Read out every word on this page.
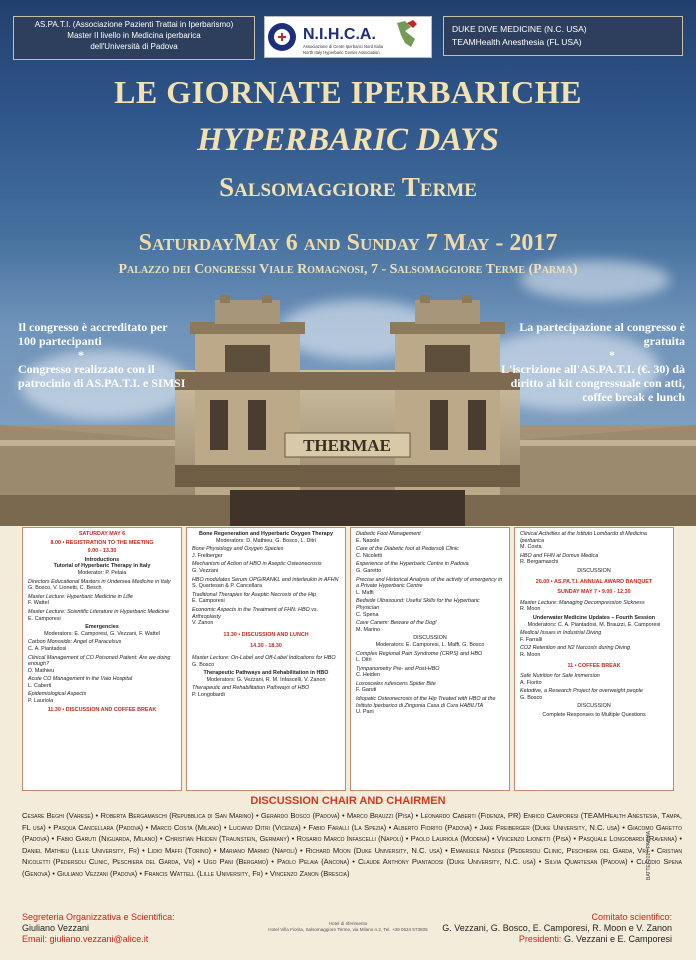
THERMAE
AS.PA.T.I. (Associazione Pazienti Trattai in Iperbarismo)
Master II livello in Medicina iperbarica
dell'Università di Padova
N.I.H.C.A.
Associazione di Centri Iperbarici Nord Italia
North Italy Hyperbaric Center Association
DUKE DIVE MEDICINE (N.C. USA)
TEAMHealth Anesthesia (FL USA)
LE GIORNATE IPERBARICHE
HYPERBARIC DAYS
Salsomaggiore Terme
SaturdayMay 6 and Sunday 7 May - 2017
Palazzo dei Congressi Viale Romagnosi, 7 - Salsomaggiore Terme (Parma)
Il congresso è accreditato per 100 partecipanti
*
Congresso realizzato con il patrocinio di AS.PA.T.I. e SIMSI
La partecipazione al congresso è gratuita
*
L'iscrizione all'AS.PA.T.I. (€. 30) dà diritto al kit congressuale con atti, coffee break e lunch

SATURDAY MAY 6

8.00 • REGISTRATION TO THE MEETING

9.00 - 13.30

Introductions

Tutorial of Hyperbaric Therapy in Italy

Moderator: P. Pelaia

Directors Educational Masters in Undersea Medicine in Italy

G. Bosco, V. Lionetti, C. Besch

Master Lecture: Hyperbaric Medicine in Lille

F. Wattel

Master Lecture: Scientific Literature in Hyperbaric Medicine

E. Camporesi

Emergencies

Moderators: E. Camporesi, G. Vezzani, F. Wattel

Carbon Monoxide: Angel of Paracelsus

C. A. Piantadosi

Clinical Management of CO Poisoned Patient: Are we doing enough?

D. Mathieu

Acute CO Management in the Vaio Hospital

L. Caberti

Epidemiological Aspects

P. Lauriola

11.30 • DISCUSSION AND COFFEE BREAK

Bone Regeneration and Hyperbaric Oxygen Therapy

Moderators: D. Mathieu, G. Bosco, L. Ditri

Bone Physiology and Oxygen Species

J. Freiberger

Mechanism of Action of HBO in Aseptic Osteonecrosis

G. Vezzani

HBO modulates Serum OPG/RANKL and interleukin in AFHN

S. Quartesan & P. Cancellara

Traditional Therapies for Aseptic Necrosis of the Hip

E. Camporesi

Economic Aspects in the Treatment of FHN: HBO vs. Arthroplasty

V. Zanon

13.30 • DISCUSSION AND LUNCH

14.30 - 18.30

Master Lecture: On-Label and Off-Label Indications for HBO

G. Bosco

Therapeutic Pathways and Rehabilitation in HBO

Moderators: G. Vezzani, R. M. Infascelli, V. Zanon

Therapeutic and Rehabilitation Pathways of HBO

P. Longobardi

Diabetic Foot Management

E. Nasole

Care of the Diabetic foot at Pedersoli Clinic

C. Nicoletti

Experience of the Hyperbaric Centre in Padova

G. Garetto

Precise and Historical Analysis of the activity of emergency in a Private Hyperbaric Centre

L. Maffi

Bedside Ultrasound: Useful Skills for the Hyperbaric Physician

C. Spena

Cave Canem: Beware of the Dog!

M. Marino

DISCUSSION

Moderators: E. Camporesi, L. Maffi, G. Bosco

Complex Regional Pain Syndrome (CRPS) and HBO

L. Ditri

Tympanometry Pre- and Post-HBO

C. Heiden

Loxosceles rufescens Spider Bite

F. Garuti

Idiopatic Osteonecrosis of the Hip Treated with HBO at the Istituto Iperbarico di Zingonia Casa di Cura HABILITA

U. Pani

Clinical Activities at the Istituto Lombardo di Medicina Iperbarica

M. Costa

HBO and FHN at Domus Medica

R. Bergamaschi

DISCUSSION

20.00 • AS.PA.T.I. ANNUAL AWARD BANQUET

SUNDAY MAY 7 • 9.00 - 12.30

Master Lecture: Managing Decompression Sickness

R. Moon

Underwater Medicine Updates – Fourth Session

Moderators: C. A. Piantadosi, M. Brauzzi, E. Camporesi

Medical Issues in Industrial Diving

F. Farralli

CO2 Retention and N2 Narcosis during Diving

R. Moon

11 • COFFEE BREAK

Safe Nutrition for Safe Immersion

A. Fiorito

Ketodive, a Research Project for overweight people

G. Bosco

DISCUSSION

Complete Responses to Multiple Questions

DISCUSSION CHAIR AND CHAIRMEN
Cesare Beghi (Varese) • Roberta Bergamaschi (Repubblica di San Marino) • Gerardo Bosco (Padova) • Marco Brauzzi (Pisa) • Leonardo Caberti (Fidenza, PR) Enrico Camporesi (TEAMHealth Anestesia, Tampa, FL usa) • Pasqua Cancellara (Padova) • Marco Costa (Milano) • Luciano Ditri (Vicenza) • Fabio Faralli (La Spezia) • Alberto Fiorito (Padova) • Jake Freiberger (Duke University, N.C. usa) • Giacomo Garetto (Padova) • Fabio Garuti (Niguarda, Milano) • Christian Heiden (Traunstein, Germany) • Rosario Marco Infascelli (Napoli) • Paolo Lauriola (Modena) • Vincenzo Lionetti (Pisa) • Pasquale Longobardi (Ravenna) • Daniel Mathieu (Lille University, Fr) • Lidio Maffi (Torino) • Mariano Marmo (Napoli) • Richard Moon (Duke University, N.C. usa) • Emanuele Nasole (Pedersoli Clinic, Peschiera del Garda, Vr) • Cristian Nicoletti (Pedersoli Clinic, Peschiera del Garda, Vr) • Ugo Pani (Bergamo) • Paolo Pelaia (Ancona) • Claude Anthony Piantadosi (Duke University, N.C. usa) • Silvia Quartesan (Padova) • Claudio Spena (Genova) • Giuliano Vezzani (Padova) • Francis Wattell (Lille University, Fr) • Vincenzo Zanon (Brescia)
Segreteria Organizzativa e Scientifica:
Giuliano Vezzani
Email: giuliano.vezzani@alice.it
Hotel di riferimento
Hotel Villa Fiorita, Salsomaggiore Terme, via Milano n.2, Tel. +39 0524 573805
Comitato scientifico:
G. Vezzani, G. Bosco, E. Camporesi, R. Moon e V. Zanon
Presidenti: G. Vezzani e E. Camporesi
BATTEI-2017-PARMA
